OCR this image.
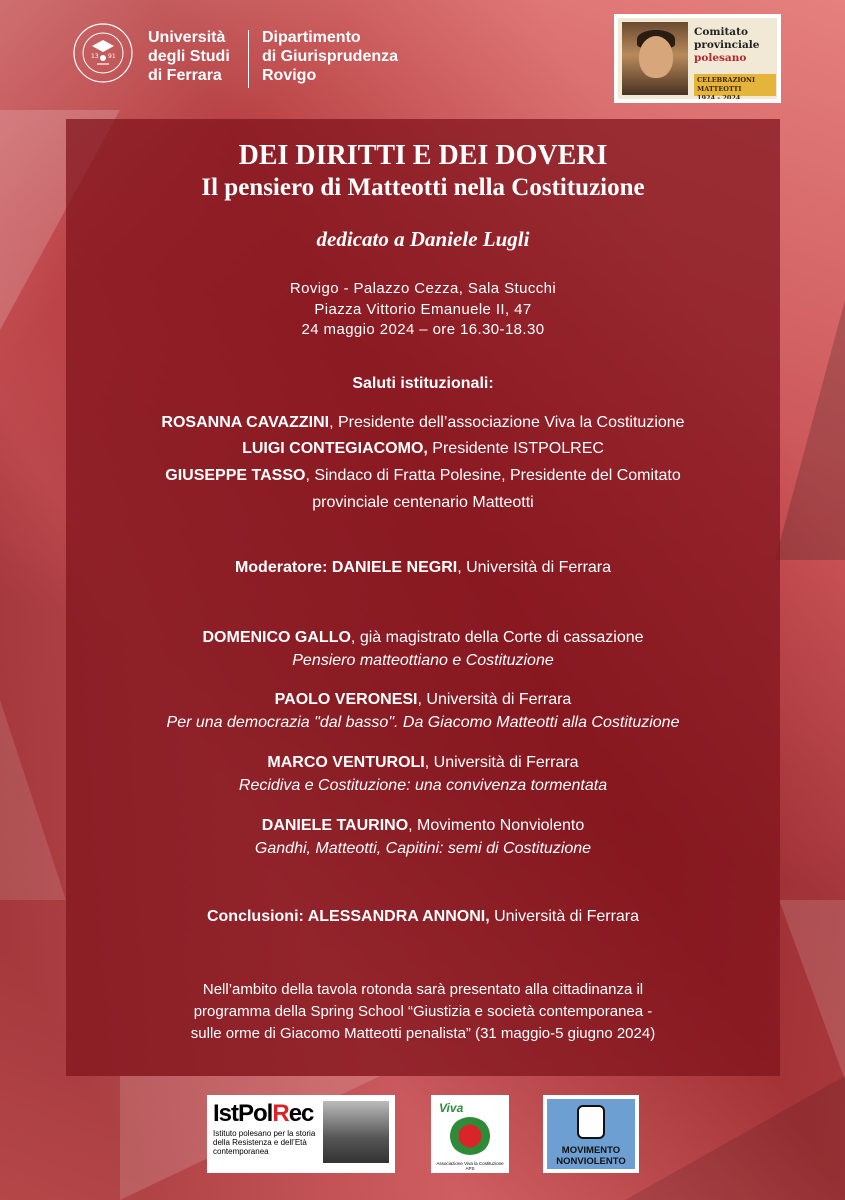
13 91
Università
degli Studi
di Ferrara
Dipartimento
di Giurisprudenza
Rovigo
Comitato
provinciale
polesano
CELEBRAZIONI MATTEOTTI
1924 - 2024
DEI DIRITTI E DEI DOVERI
Il pensiero di Matteotti nella Costituzione
dedicato a Daniele Lugli
Rovigo - Palazzo Cezza, Sala Stucchi
Piazza Vittorio Emanuele II, 47
24 maggio 2024 – ore 16.30-18.30
Saluti istituzionali:
ROSANNA CAVAZZINI, Presidente dell’associazione Viva la Costituzione
LUIGI CONTEGIACOMO, Presidente ISTPOLREC
GIUSEPPE TASSO, Sindaco di Fratta Polesine, Presidente del Comitato
provinciale centenario Matteotti
Moderatore: DANIELE NEGRI, Università di Ferrara
DOMENICO GALLO, già magistrato della Corte di cassazione
Pensiero matteottiano e Costituzione
PAOLO VERONESI, Università di Ferrara
Per una democrazia "dal basso". Da Giacomo Matteotti alla Costituzione
MARCO VENTUROLI, Università di Ferrara
Recidiva e Costituzione: una convivenza tormentata
DANIELE TAURINO, Movimento Nonviolento
Gandhi, Matteotti, Capitini: semi di Costituzione
Conclusioni: ALESSANDRA ANNONI, Università di Ferrara
Nell’ambito della tavola rotonda sarà presentato alla cittadinanza il
programma della Spring School “Giustizia e società contemporanea -
sulle orme di Giacomo Matteotti penalista” (31 maggio-5 giugno 2024)
IstPolRec
Istituto polesano per la storia della Resistenza e dell’Età contemporanea
Viva
Associazione Viva la Costituzione APS
MOVIMENTO
NONVIOLENTO
